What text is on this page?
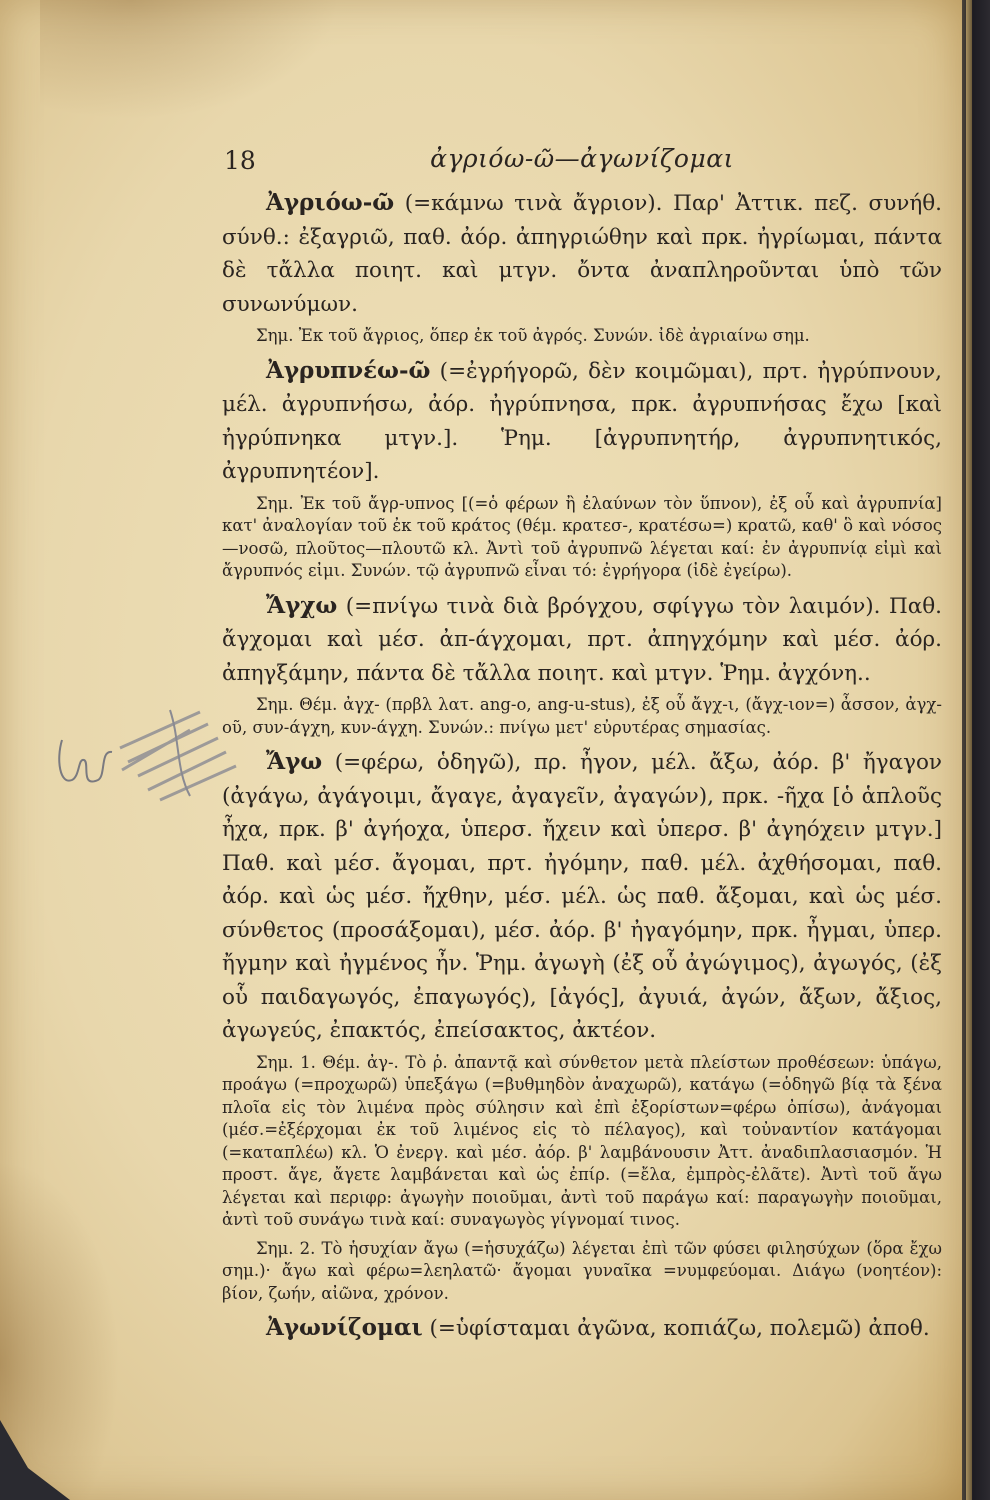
18	ἀγριόω-ῶ—ἀγωνίζομαι

Ἀγριόω-ῶ (=κάμνω τινὰ ἄγριον). Παρ' Ἀττικ. πεζ. συνήθ. σύνθ.: ἐξαγριῶ, παθ. ἀόρ. ἀπηγριώθην καὶ πρκ. ἠγρίωμαι, πάντα δὲ τἄλλα ποιητ. καὶ μτγν. ὄντα ἀναπληροῦνται ὑπὸ τῶν συνωνύμων.

Σημ. Ἐκ τοῦ ἄγριος, ὅπερ ἐκ τοῦ ἀγρός. Συνών. ἰδὲ ἀγριαίνω σημ.

Ἀγρυπνέω-ῶ (=ἐγρήγορῶ, δὲν κοιμῶμαι), πρτ. ἠγρύπνουν, μέλ. ἀγρυπνήσω, ἀόρ. ἠγρύπνησα, πρκ. ἀγρυπνήσας ἔχω [καὶ ἠγρύπνηκα μτγν.]. Ῥημ. [ἀγρυπνητήρ, ἀγρυπνητικός, ἀγρυπνητέον].

Σημ. Ἐκ τοῦ ἄγρ-υπνος [(=ὁ φέρων ἢ ἐλαύνων τὸν ὕπνον), ἐξ οὗ καὶ ἀγρυπνία] κατ' ἀναλογίαν τοῦ ἐκ τοῦ κράτος (θέμ. κρατεσ-, κρατέσω=) κρατῶ, καθ' ὃ καὶ νόσος—νοσῶ, πλοῦτος—πλουτῶ κλ. Ἀντὶ τοῦ ἀγρυπνῶ λέγεται καί: ἐν ἀγρυπνίᾳ εἰμὶ καὶ ἄγρυπνός εἰμι. Συνών. τῷ ἀγρυπνῶ εἶναι τό: ἐγρήγορα (ἰδὲ ἐγείρω).

Ἄγχω (=πνίγω τινὰ διὰ βρόγχου, σφίγγω τὸν λαιμόν). Παθ. ἄγχομαι καὶ μέσ. ἀπ-άγχομαι, πρτ. ἀπηγχόμην καὶ μέσ. ἀόρ. ἀπηγξάμην, πάντα δὲ τἄλλα ποιητ. καὶ μτγν. Ῥημ. ἀγχόνη..

Σημ. Θέμ. ἀγχ- (πρβλ λατ. ang-o, ang-u-stus), ἐξ οὗ ἄγχ-ι, (ἄγχ-ιον=) ἆσσον, ἀγχ-οῦ, συν-άγχη, κυν-άγχη. Συνών.: πνίγω μετ' εὐρυτέρας σημασίας.

Ἄγω (=φέρω, ὁδηγῶ), πρ. ἦγον, μέλ. ἄξω, ἀόρ. β' ἤγαγον (ἀγάγω, ἀγάγοιμι, ἄγαγε, ἀγαγεῖν, ἀγαγών), πρκ. -ῆχα [ὁ ἁπλοῦς ἦχα, πρκ. β' ἀγήοχα, ὑπερσ. ἤχειν καὶ ὑπερσ. β' ἀγηόχειν μτγν.] Παθ. καὶ μέσ. ἄγομαι, πρτ. ἠγόμην, παθ. μέλ. ἀχθήσομαι, παθ. ἀόρ. καὶ ὡς μέσ. ἤχθην, μέσ. μέλ. ὡς παθ. ἄξομαι, καὶ ὡς μέσ. σύνθετος (προσάξομαι), μέσ. ἀόρ. β' ἠγαγόμην, πρκ. ἦγμαι, ὑπερ. ἤγμην καὶ ἠγμένος ἦν. Ῥημ. ἀγωγὴ (ἐξ οὗ ἀγώγιμος), ἀγωγός, (ἐξ οὗ παιδαγωγός, ἐπαγωγός), [ἀγός], ἀγυιά, ἀγών, ἄξων, ἄξιος, ἀγωγεύς, ἐπακτός, ἐπείσακτος, ἀκτέον.

Σημ. 1. Θέμ. ἀγ-. Τὸ ῥ. ἀπαντᾷ καὶ σύνθετον μετὰ πλείστων προθέσεων: ὑπάγω, προάγω (=προχωρῶ) ὑπεξάγω (=βυθμηδὸν ἀναχωρῶ), κατάγω (=ὁδηγῶ βίᾳ τὰ ξένα πλοῖα εἰς τὸν λιμένα πρὸς σύλησιν καὶ ἐπὶ ἐξορίστων=φέρω ὀπίσω), ἀνάγομαι (μέσ.=ἐξέρχομαι ἐκ τοῦ λιμένος εἰς τὸ πέλαγος), καὶ τοὐναντίον κατάγομαι (=καταπλέω) κλ. Ὁ ἐνεργ. καὶ μέσ. ἀόρ. β' λαμβάνουσιν Ἀττ. ἀναδιπλασιασμόν. Ἡ προστ. ἄγε, ἄγετε λαμβάνεται καὶ ὡς ἐπίρ. (=ἔλα, ἐμπρὸς-ἐλᾶτε). Ἀντὶ τοῦ ἄγω λέγεται καὶ περιφρ: ἀγωγὴν ποιοῦμαι, ἀντὶ τοῦ παράγω καί: παραγωγὴν ποιοῦμαι, ἀντὶ τοῦ συνάγω τινὰ καί: συναγωγὸς γίγνομαί τινος.

Σημ. 2. Τὸ ἡσυχίαν ἄγω (=ἡσυχάζω) λέγεται ἐπὶ τῶν φύσει φιλησύχων (ὅρα ἔχω σημ.)· ἄγω καὶ φέρω=λεηλατῶ· ἄγομαι γυναῖκα =νυμφεύομαι. Διάγω (νοητέον): βίον, ζωήν, αἰῶνα, χρόνον.

Ἀγωνίζομαι (=ὑφίσταμαι ἀγῶνα, κοπιάζω, πολεμῶ) ἀποθ.
